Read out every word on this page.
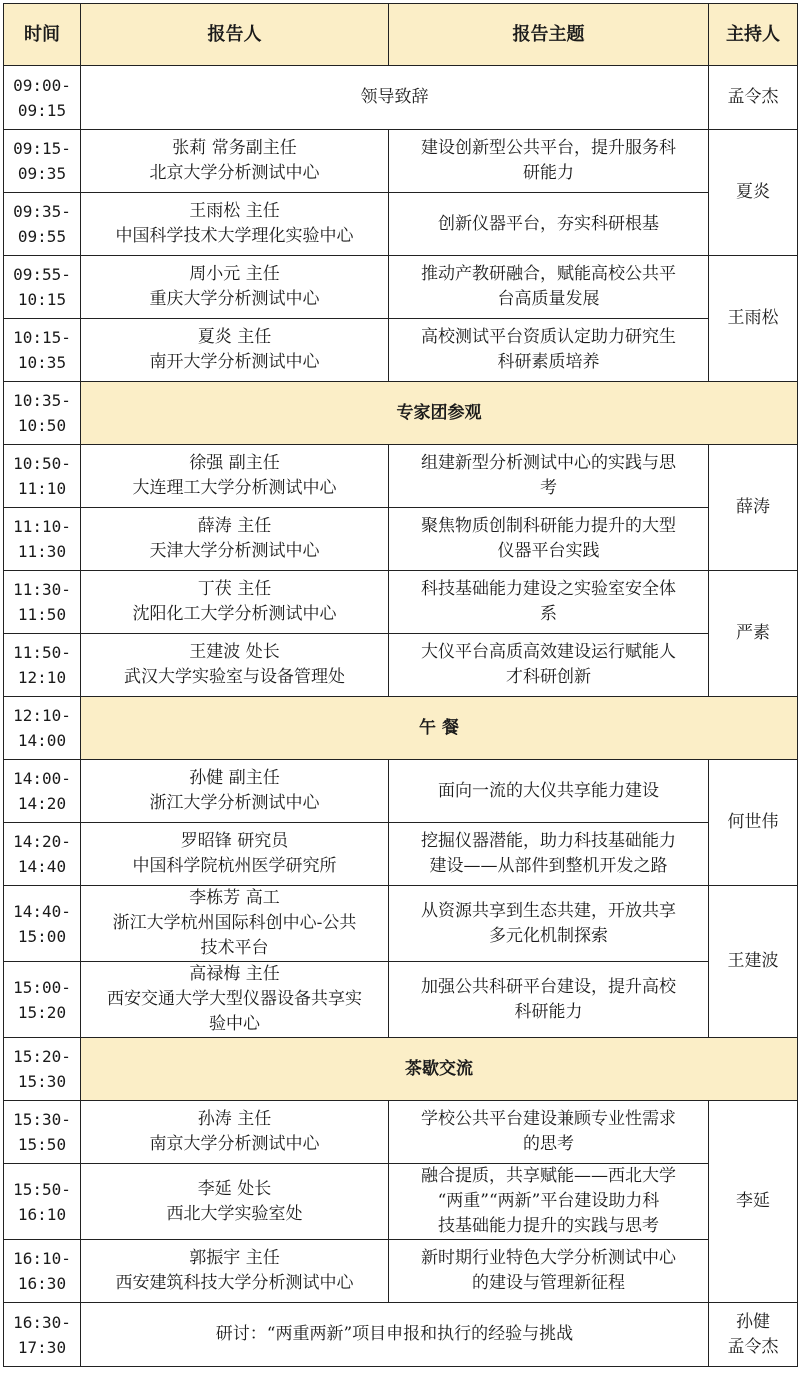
时间	报告人	报告主题	主持人

09:00-
09:15	领导致辞		孟令杰

09:15-
09:35	张莉 常务副主任
北京大学分析测试中心	建设创新型公共平台，提升服务科
研能力	夏炎

09:35-
09:55	王雨松 主任
中国科学技术大学理化实验中心	创新仪器平台，夯实科研根基	

09:55-
10:15	周小元 主任
重庆大学分析测试中心	推动产教研融合，赋能高校公共平
台高质量发展	王雨松

10:15-
10:35	夏炎 主任
南开大学分析测试中心	高校测试平台资质认定助力研究生
科研素质培养	

10:35-
10:50	专家团参观		

10:50-
11:10	徐强 副主任
大连理工大学分析测试中心	组建新型分析测试中心的实践与思
考	薛涛

11:10-
11:30	薛涛 主任
天津大学分析测试中心	聚焦物质创制科研能力提升的大型
仪器平台实践	

11:30-
11:50	丁茯 主任
沈阳化工大学分析测试中心	科技基础能力建设之实验室安全体
系	严素

11:50-
12:10	王建波 处长
武汉大学实验室与设备管理处	大仪平台高质高效建设运行赋能人
才科研创新	

12:10-
14:00	午 餐		

14:00-
14:20	孙健 副主任
浙江大学分析测试中心	面向一流的大仪共享能力建设	何世伟

14:20-
14:40	罗昭锋 研究员
中国科学院杭州医学研究所	挖掘仪器潜能，助力科技基础能力
建设——从部件到整机开发之路	

14:40-
15:00	李栋芳 高工
浙江大学杭州国际科创中心-公共
技术平台	从资源共享到生态共建，开放共享
多元化机制探索	王建波

15:00-
15:20	高禄梅 主任
西安交通大学大型仪器设备共享实
验中心	加强公共科研平台建设，提升高校
科研能力	

15:20-
15:30	茶歇交流		

15:30-
15:50	孙涛 主任
南京大学分析测试中心	学校公共平台建设兼顾专业性需求
的思考	李延

15:50-
16:10	李延 处长
西北大学实验室处	融合提质，共享赋能——西北大学
“两重”“两新”平台建设助力科
技基础能力提升的实践与思考	

16:10-
16:30	郭振宇 主任
西安建筑科技大学分析测试中心	新时期行业特色大学分析测试中心
的建设与管理新征程	

16:30-
17:30	研讨：“两重两新”项目申报和执行的经验与挑战		孙健
孟令杰
